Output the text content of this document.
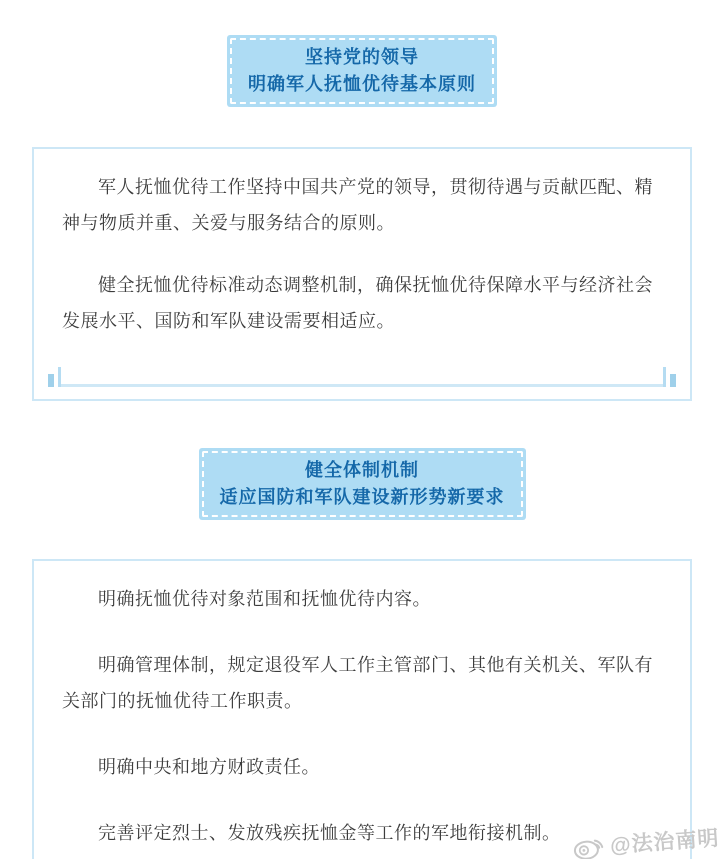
坚持党的领导
明确军人抚恤优待基本原则

军人抚恤优待工作坚持中国共产党的领导，贯彻待遇与贡献匹配、精神与物质并重、关爱与服务结合的原则。

健全抚恤优待标准动态调整机制，确保抚恤优待保障水平与经济社会发展水平、国防和军队建设需要相适应。

健全体制机制
适应国防和军队建设新形势新要求

明确抚恤优待对象范围和抚恤优待内容。

明确管理体制，规定退役军人工作主管部门、其他有关机关、军队有关部门的抚恤优待工作职责。

明确中央和地方财政责任。

完善评定烈士、发放残疾抚恤金等工作的军地衔接机制。	@法治南明
